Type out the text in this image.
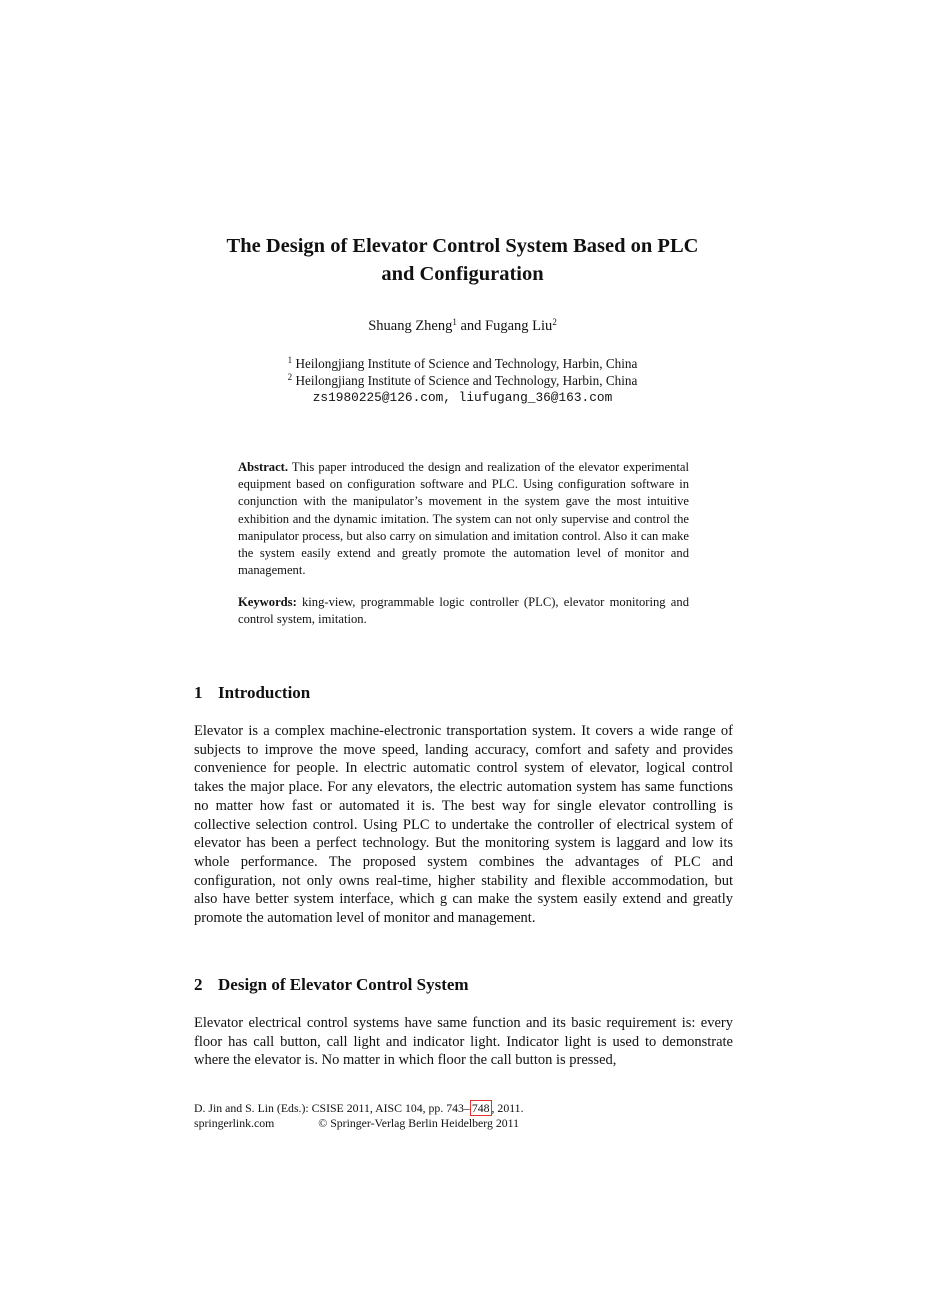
The Design of Elevator Control System Based on PLC
and Configuration
Shuang Zheng$^1$ and Fugang Liu$^2$
$^1$ Heilongjiang Institute of Science and Technology, Harbin, China
$^2$ Heilongjiang Institute of Science and Technology, Harbin, China
zs1980225@126.com, liufugang_36@163.com

Abstract. This paper introduced the design and realization of the elevator experimental equipment based on configuration software and PLC. Using configuration software in conjunction with the manipulator’s movement in the system gave the most intuitive exhibition and the dynamic imitation. The system can not only supervise and control the manipulator process, but also carry on simulation and imitation control. Also it can make the system easily extend and greatly promote the automation level of monitor and management.

Keywords: king-view, programmable logic controller (PLC), elevator monitoring and control system, imitation.

1 Introduction

Elevator is a complex machine-electronic transportation system. It covers a wide range of subjects to improve the move speed, landing accuracy, comfort and safety and provides convenience for people. In electric automatic control system of elevator, logical control takes the major place. For any elevators, the electric automation system has same functions no matter how fast or automated it is. The best way for single elevator controlling is collective selection control. Using PLC to undertake the controller of electrical system of elevator has been a perfect technology. But the monitoring system is laggard and low its whole performance. The proposed system combines the advantages of PLC and configuration, not only owns real-time, higher stability and flexible accommodation, but also have better system interface, which g can make the system easily extend and greatly promote the automation level of monitor and management.

2 Design of Elevator Control System

Elevator electrical control systems have same function and its basic requirement is: every floor has call button, call light and indicator light. Indicator light is used to demonstrate where the elevator is. No matter in which floor the call button is pressed,

D. Jin and S. Lin (Eds.): CSISE 2011, AISC 104, pp. 743– 748 , 2011.
springerlink.com	© Springer-Verlag Berlin Heidelberg 2011
